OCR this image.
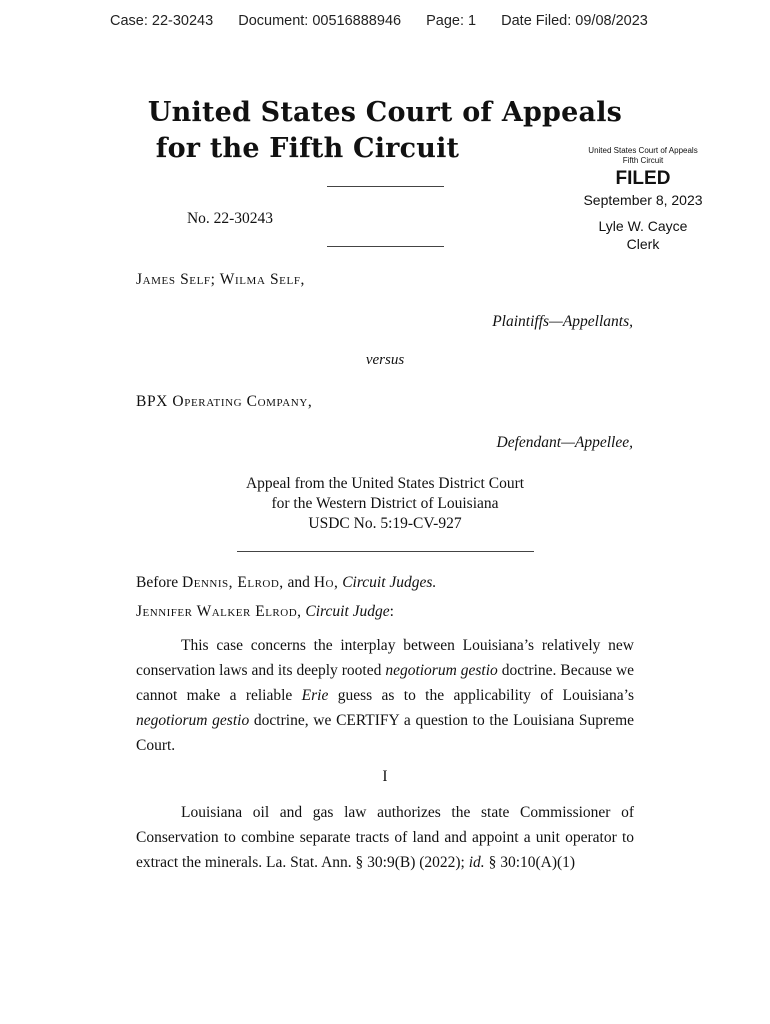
Case: 22-30243 Document: 00516888946 Page: 1 Date Filed: 09/08/2023
United States Court of Appeals
for the Fifth Circuit	United States Court of Appeals
Fifth Circuit
FILED
September 8, 2023
Lyle W. Cayce
Clerk
No. 22-30243
James Self; Wilma Self,
Plaintiffs—Appellants,
versus
BPX Operating Company,
Defendant—Appellee,
Appeal from the United States District Court
for the Western District of Louisiana
USDC No. 5:19-CV-927
Before Dennis, Elrod, and Ho, Circuit Judges.
Jennifer Walker Elrod, Circuit Judge:
This case concerns the interplay between Louisiana’s relatively new conservation laws and its deeply rooted negotiorum gestio doctrine. Because we cannot make a reliable Erie guess as to the applicability of Louisiana’s negotiorum gestio doctrine, we CERTIFY a question to the Louisiana Supreme Court.
I
Louisiana oil and gas law authorizes the state Commissioner of Conservation to combine separate tracts of land and appoint a unit operator to extract the minerals. La. Stat. Ann. § 30:9(B) (2022); id. § 30:10(A)(1)
